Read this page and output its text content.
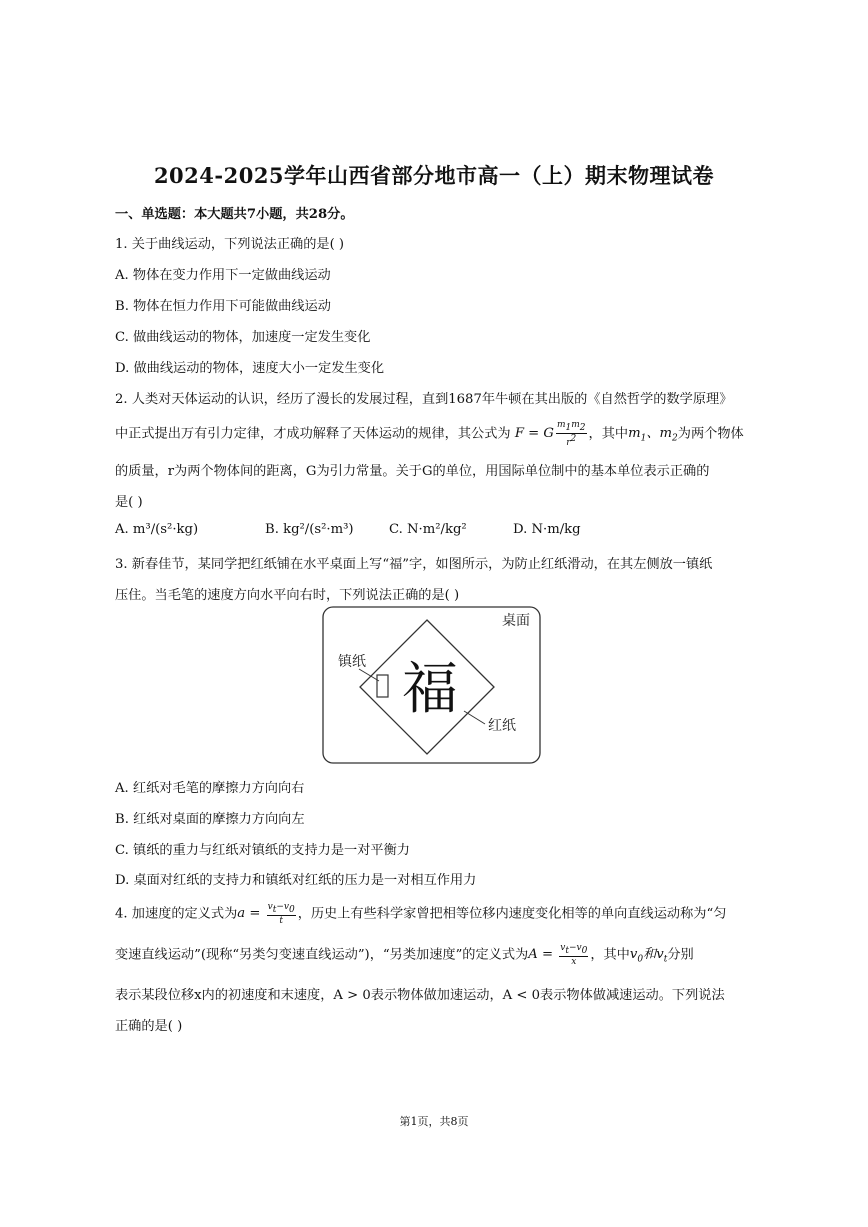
2024-2025学年山西省部分地市高一（上）期末物理试卷
一、单选题：本大题共7小题，共28分。
1. 关于曲线运动，下列说法正确的是( )
A. 物体在变力作用下一定做曲线运动
B. 物体在恒力作用下可能做曲线运动
C. 做曲线运动的物体，加速度一定发生变化
D. 做曲线运动的物体，速度大小一定发生变化
2. 人类对天体运动的认识，经历了漫长的发展过程，直到1687年牛顿在其出版的《自然哲学的数学原理》
中正式提出万有引力定律，才成功解释了天体运动的规律，其公式为 F = G $\frac{m_1m_2}{r^2}$ ，其中$m_1$、$m_2$为两个物体
的质量，r为两个物体间的距离，G为引力常量。关于G的单位，用国际单位制中的基本单位表示正确的
是( )
A. m³/(s²·kg)	B. kg²/(s²·m³)	C. N·m²/kg²	D. N·m/kg
3. 新春佳节，某同学把红纸铺在水平桌面上写“福”字，如图所示，为防止红纸滑动，在其左侧放一镇纸
压住。当毛笔的速度方向水平向右时，下列说法正确的是( )
桌面
镇纸 福
红纸
A. 红纸对毛笔的摩擦力方向向右
B. 红纸对桌面的摩擦力方向向左
C. 镇纸的重力与红纸对镇纸的支持力是一对平衡力
D. 桌面对红纸的支持力和镇纸对红纸的压力是一对相互作用力
4. 加速度的定义式为$a = \frac{v_t-v_0}{t}$ ，历史上有些科学家曾把相等位移内速度变化相等的单向直线运动称为“匀
变速直线运动”(现称“另类匀变速直线运动”)，“另类加速度”的定义式为$A = \frac{v_t-v_0}{x}$ ，其中$v_0$和$v_t$分别
表示某段位移x内的初速度和末速度，A > 0表示物体做加速运动，A < 0表示物体做减速运动。下列说法
正确的是( )
第1页，共8页
